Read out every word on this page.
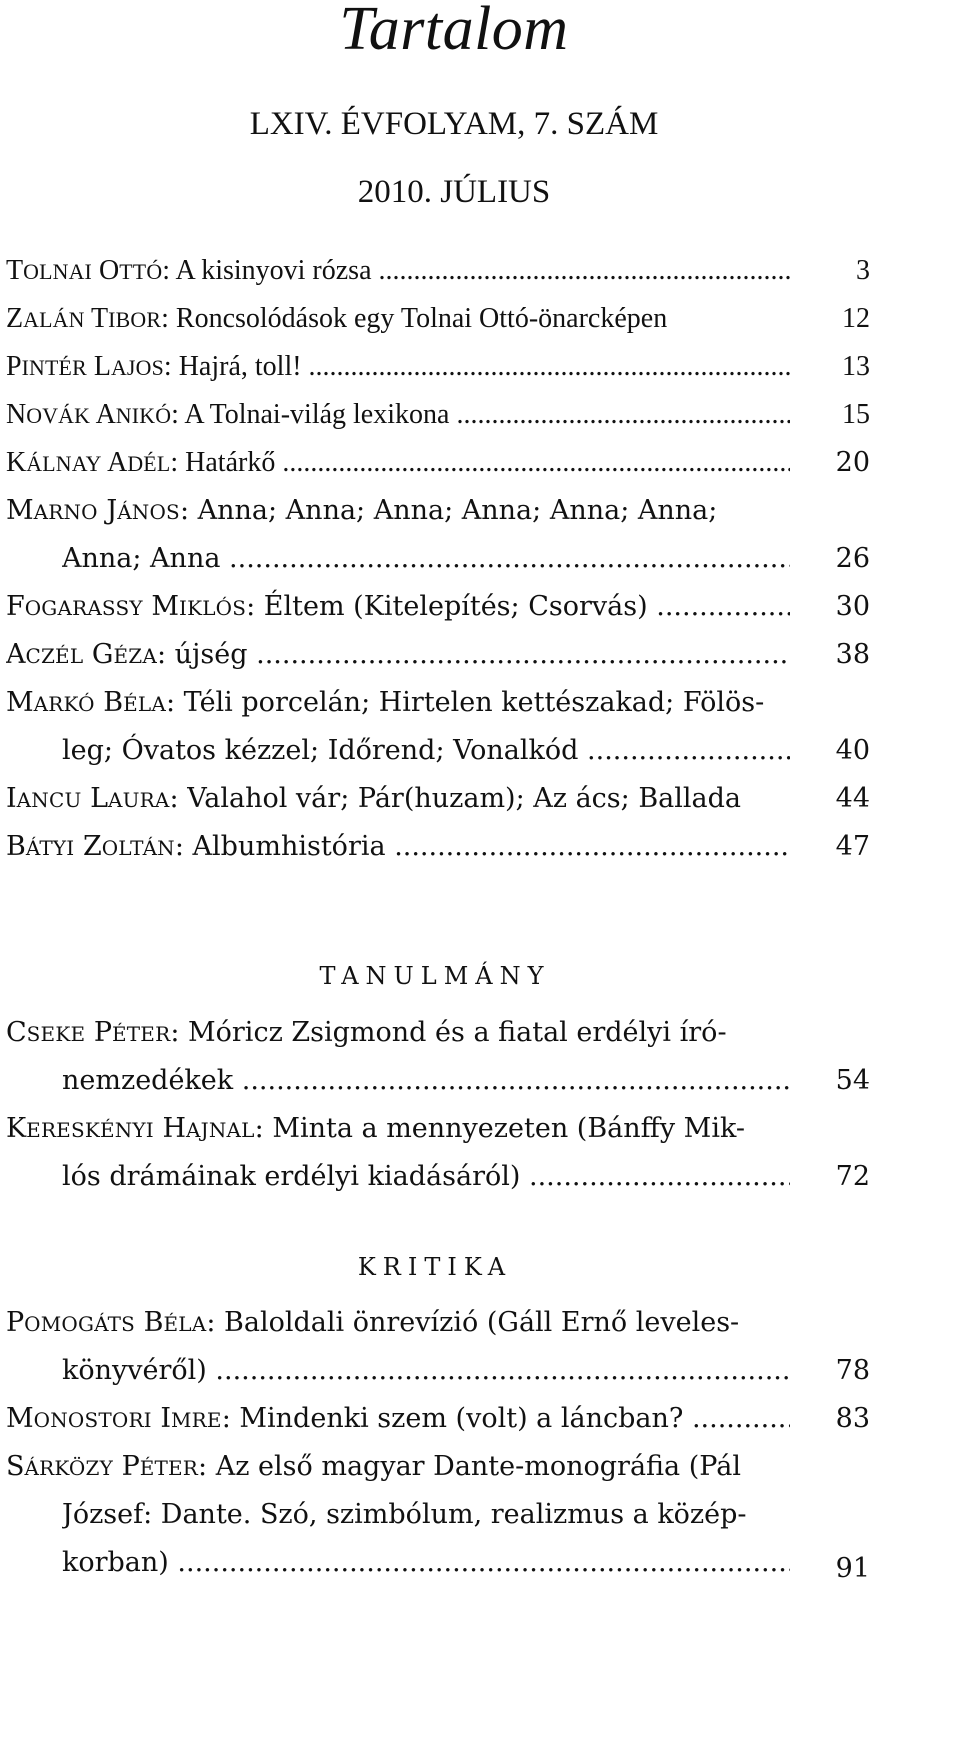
Tartalom
LXIV. ÉVFOLYAM, 7. SZÁM
2010. JÚLIUS
TOLNAI OTTÓ: A kisinyovi rózsa .....	3
ZALÁN TIBOR: Roncsolódások egy Tolnai Ottó-önarcképen	12
PINTÉR LAJOS: Hajrá, toll! .....	13
NOVÁK ANIKÓ: A Tolnai-világ lexikona .....	15
KÁLNAY ADÉL: Határkő .....	20
MARNO JÁNOS: Anna; Anna; Anna; Anna; Anna; Anna;
Anna; Anna .....	26
FOGARASSY MIKLÓS: Éltem (Kitelepítés; Csorvás) .....	30
ACZÉL GÉZA: újség .....	38
MARKÓ BÉLA: Téli porcelán; Hirtelen kettészakad; Fölös-
leg; Óvatos kézzel; Időrend; Vonalkód .....	40
IANCU LAURA: Valahol vár; Pár(huzam); Az ács; Ballada	44
BÁTYI ZOLTÁN: Albumhistória .....	47
TANULMÁNY
CSEKE PÉTER: Móricz Zsigmond és a fiatal erdélyi író-
nemzedékek .....	54
KERESKÉNYI HAJNAL: Minta a mennyezeten (Bánffy Mik-
lós drámáinak erdélyi kiadásáról) .....	72
KRITIKA
POMOGÁTS BÉLA: Baloldali önrevízió (Gáll Ernő leveles-
könyvéről) .....	78
MONOSTORI IMRE: Mindenki szem (volt) a láncban? .....	83
SÁRKÖZY PÉTER: Az első magyar Dante-monográfia (Pál
József: Dante. Szó, szimbólum, realizmus a közép-
korban) .....	91
